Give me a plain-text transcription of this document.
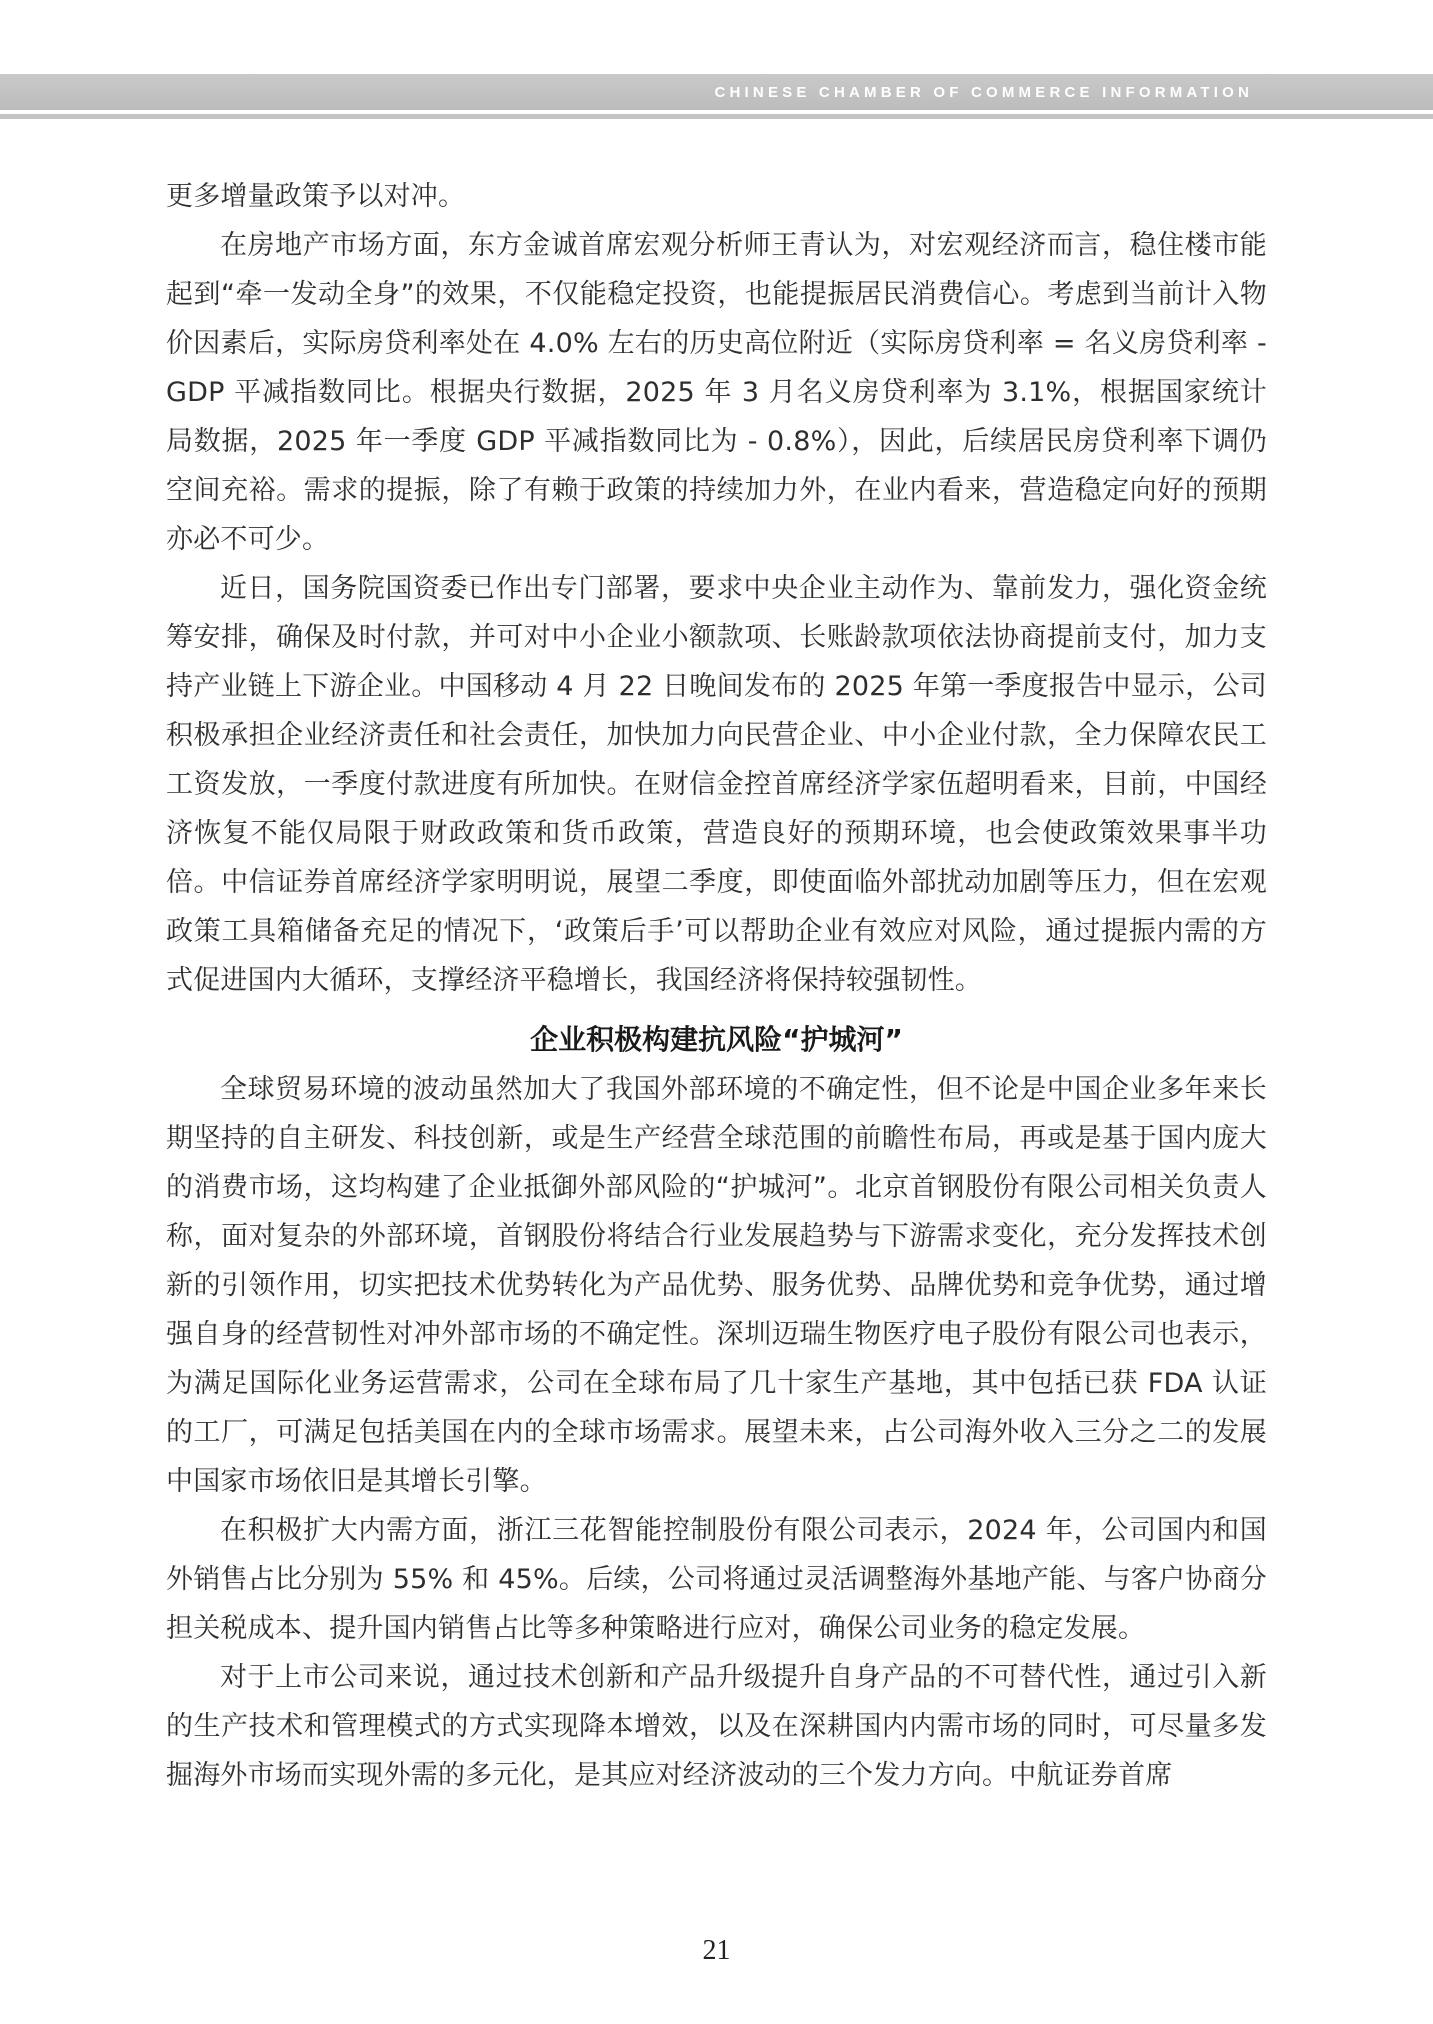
CHINESE CHAMBER OF COMMERCE INFORMATION

更多增量政策予以对冲。

在房地产市场方面，东方金诚首席宏观分析师王青认为，对宏观经济而言，稳住楼市能起到“牵一发动全身”的效果，不仅能稳定投资，也能提振居民消费信心。考虑到当前计入物价因素后，实际房贷利率处在 4.0% 左右的历史高位附近（实际房贷利率 = 名义房贷利率 - GDP 平减指数同比。根据央行数据，2025 年 3 月名义房贷利率为 3.1%，根据国家统计局数据，2025 年一季度 GDP 平减指数同比为 - 0.8%），因此，后续居民房贷利率下调仍空间充裕。需求的提振，除了有赖于政策的持续加力外，在业内看来，营造稳定向好的预期亦必不可少。

近日，国务院国资委已作出专门部署，要求中央企业主动作为、靠前发力，强化资金统筹安排，确保及时付款，并可对中小企业小额款项、长账龄款项依法协商提前支付，加力支持产业链上下游企业。中国移动 4 月 22 日晚间发布的 2025 年第一季度报告中显示，公司积极承担企业经济责任和社会责任，加快加力向民营企业、中小企业付款，全力保障农民工工资发放，一季度付款进度有所加快。在财信金控首席经济学家伍超明看来，目前，中国经济恢复不能仅局限于财政政策和货币政策，营造良好的预期环境，也会使政策效果事半功倍。中信证券首席经济学家明明说，展望二季度，即使面临外部扰动加剧等压力，但在宏观政策工具箱储备充足的情况下，‘政策后手’可以帮助企业有效应对风险，通过提振内需的方式促进国内大循环，支撑经济平稳增长，我国经济将保持较强韧性。

企业积极构建抗风险“护城河”

全球贸易环境的波动虽然加大了我国外部环境的不确定性，但不论是中国企业多年来长期坚持的自主研发、科技创新，或是生产经营全球范围的前瞻性布局，再或是基于国内庞大的消费市场，这均构建了企业抵御外部风险的“护城河”。北京首钢股份有限公司相关负责人称，面对复杂的外部环境，首钢股份将结合行业发展趋势与下游需求变化，充分发挥技术创新的引领作用，切实把技术优势转化为产品优势、服务优势、品牌优势和竞争优势，通过增强自身的经营韧性对冲外部市场的不确定性。深圳迈瑞生物医疗电子股份有限公司也表示，为满足国际化业务运营需求，公司在全球布局了几十家生产基地，其中包括已获 FDA 认证的工厂，可满足包括美国在内的全球市场需求。展望未来，占公司海外收入三分之二的发展中国家市场依旧是其增长引擎。

在积极扩大内需方面，浙江三花智能控制股份有限公司表示，2024 年，公司国内和国外销售占比分别为 55% 和 45%。后续，公司将通过灵活调整海外基地产能、与客户协商分担关税成本、提升国内销售占比等多种策略进行应对，确保公司业务的稳定发展。

对于上市公司来说，通过技术创新和产品升级提升自身产品的不可替代性，通过引入新的生产技术和管理模式的方式实现降本增效，以及在深耕国内内需市场的同时，可尽量多发掘海外市场而实现外需的多元化，是其应对经济波动的三个发力方向。中航证券首席

21
